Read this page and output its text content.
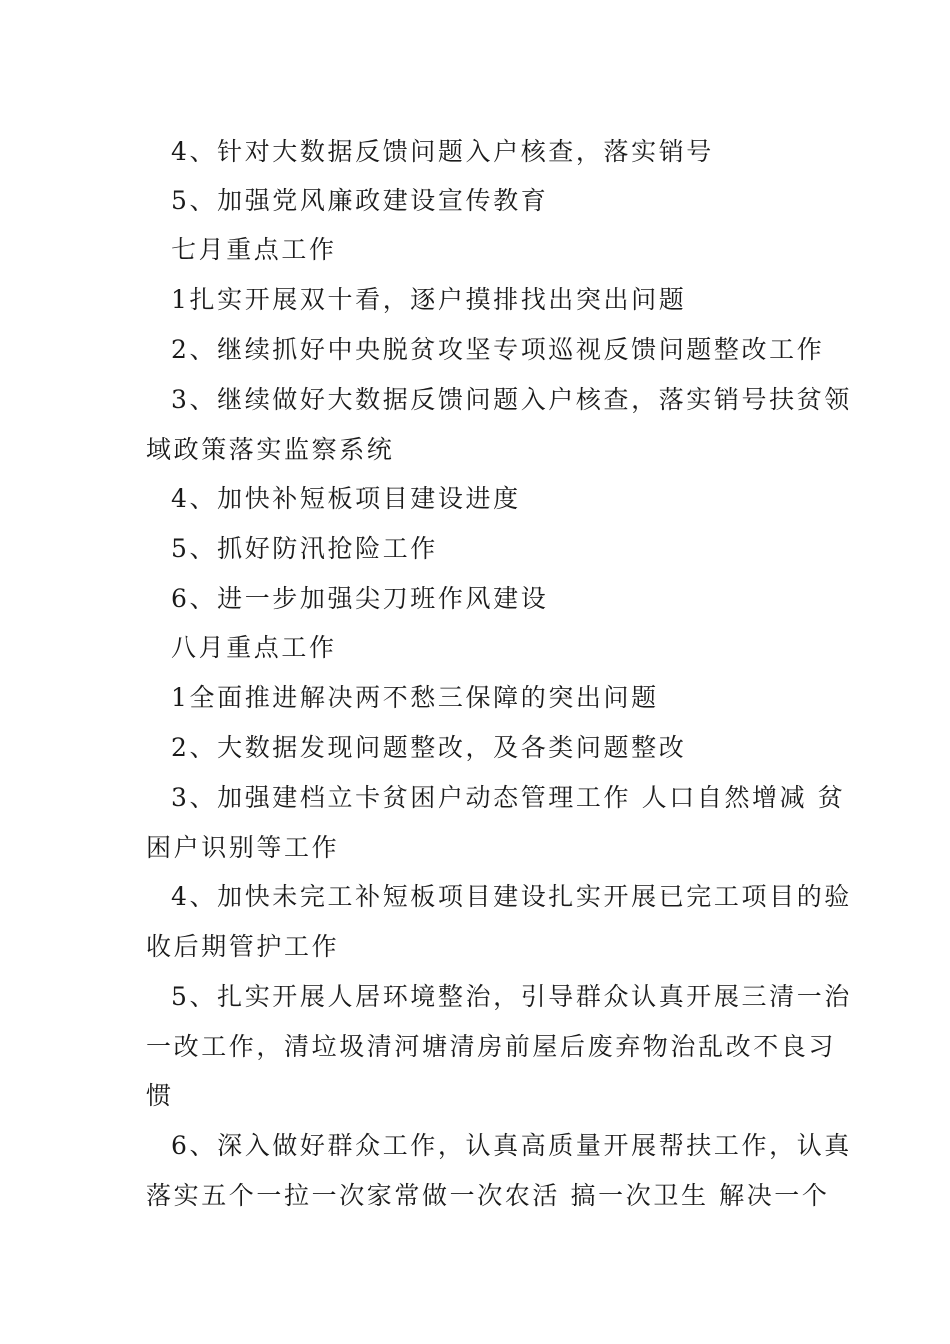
4、针对大数据反馈问题入户核查，落实销号
5、加强党风廉政建设宣传教育
七月重点工作
1扎实开展双十看，逐户摸排找出突出问题
2、继续抓好中央脱贫攻坚专项巡视反馈问题整改工作
3、继续做好大数据反馈问题入户核查，落实销号扶贫领
域政策落实监察系统
4、加快补短板项目建设进度
5、抓好防汛抢险工作
6、进一步加强尖刀班作风建设
八月重点工作
1全面推进解决两不愁三保障的突出问题
2、大数据发现问题整改，及各类问题整改
3、加强建档立卡贫困户动态管理工作 人口自然增减 贫
困户识别等工作
4、加快未完工补短板项目建设扎实开展已完工项目的验
收后期管护工作
5、扎实开展人居环境整治，引导群众认真开展三清一治
一改工作，清垃圾清河塘清房前屋后废弃物治乱改不良习
惯
6、深入做好群众工作，认真高质量开展帮扶工作，认真
落实五个一拉一次家常做一次农活 搞一次卫生 解决一个
